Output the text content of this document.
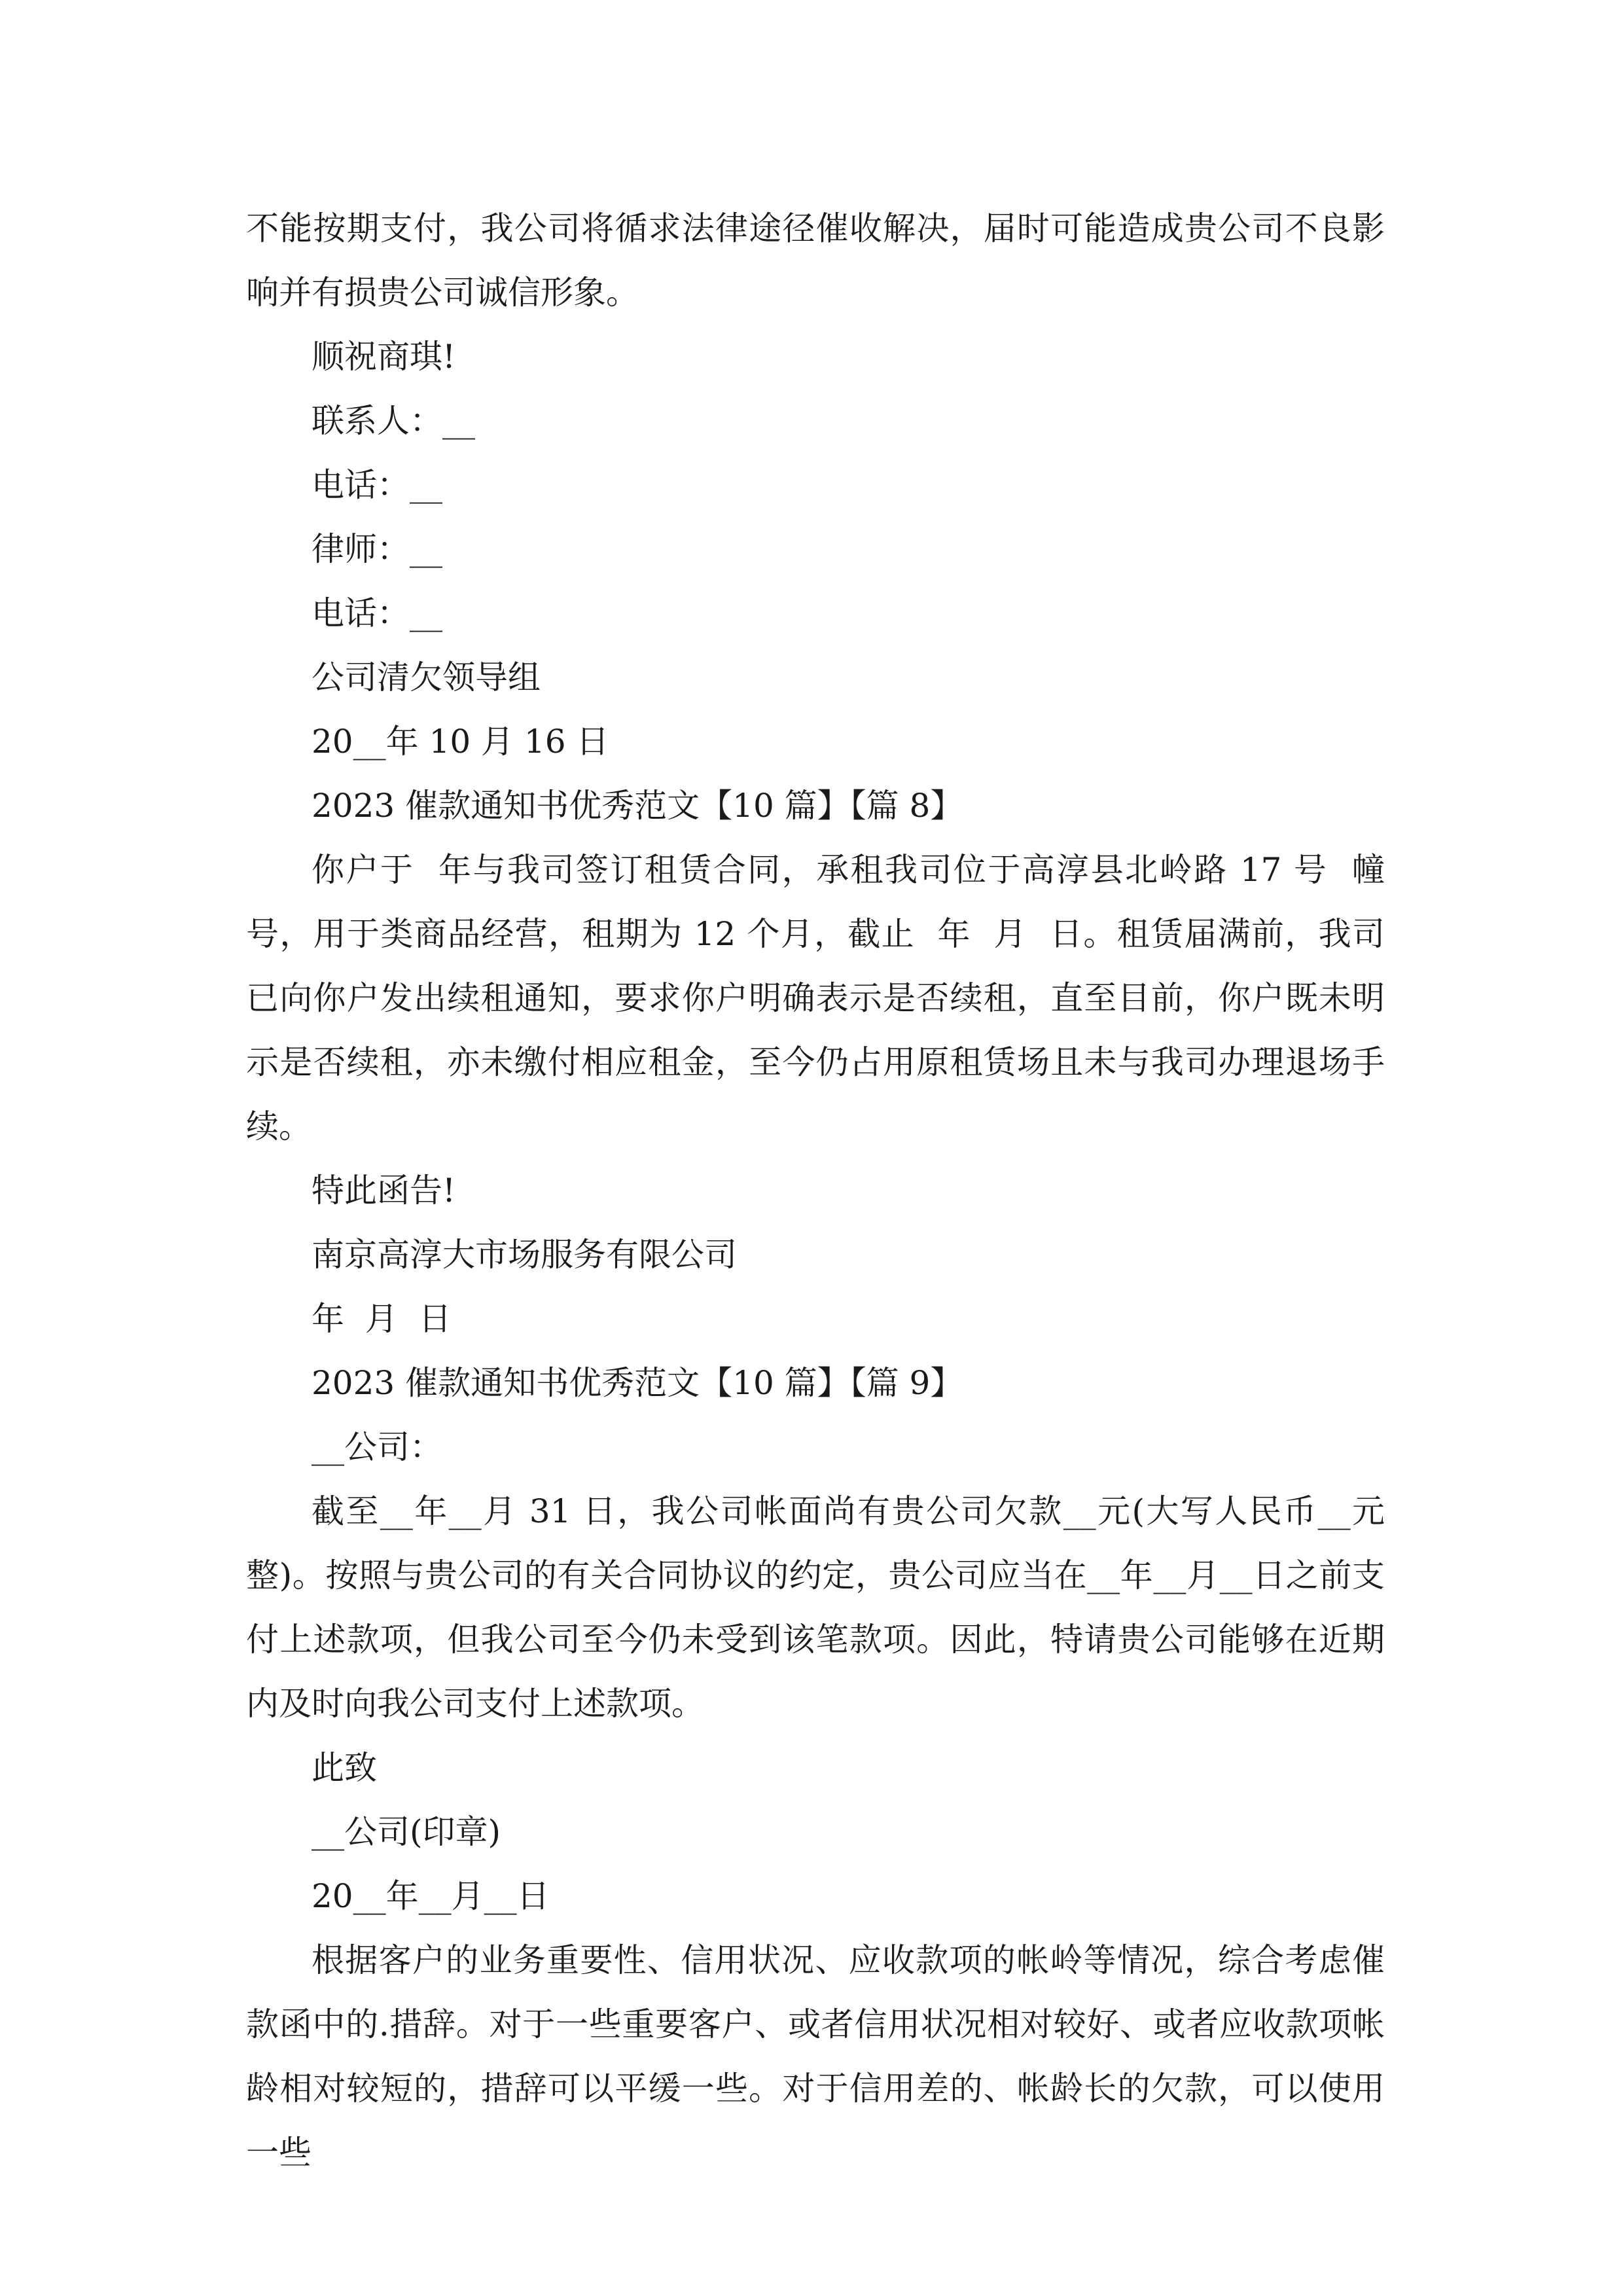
不能按期支付，我公司将循求法律途径催收解决，届时可能造成贵公司不良影响并有损贵公司诚信形象。

顺祝商琪!

联系人：__

电话：__

律师：__

电话：__

公司清欠领导组

20__年 10 月 16 日

2023 催款通知书优秀范文【10 篇】【篇 8】

你户于  年与我司签订租赁合同，承租我司位于高淳县北岭路 17 号  幢  号，用于类商品经营，租期为 12 个月，截止  年  月  日。租赁届满前，我司已向你户发出续租通知，要求你户明确表示是否续租，直至目前，你户既未明示是否续租，亦未缴付相应租金，至今仍占用原租赁场且未与我司办理退场手续。

特此函告!

南京高淳大市场服务有限公司

年  月  日

2023 催款通知书优秀范文【10 篇】【篇 9】

__公司：

截至__年__月 31 日，我公司帐面尚有贵公司欠款__元(大写人民币__元整)。按照与贵公司的有关合同协议的约定，贵公司应当在__年__月__日之前支付上述款项，但我公司至今仍未受到该笔款项。因此，特请贵公司能够在近期内及时向我公司支付上述款项。

此致

__公司(印章)

20__年__月__日

根据客户的业务重要性、信用状况、应收款项的帐岭等情况，综合考虑催款函中的.措辞。对于一些重要客户、或者信用状况相对较好、或者应收款项帐龄相对较短的，措辞可以平缓一些。对于信用差的、帐龄长的欠款，可以使用一些
